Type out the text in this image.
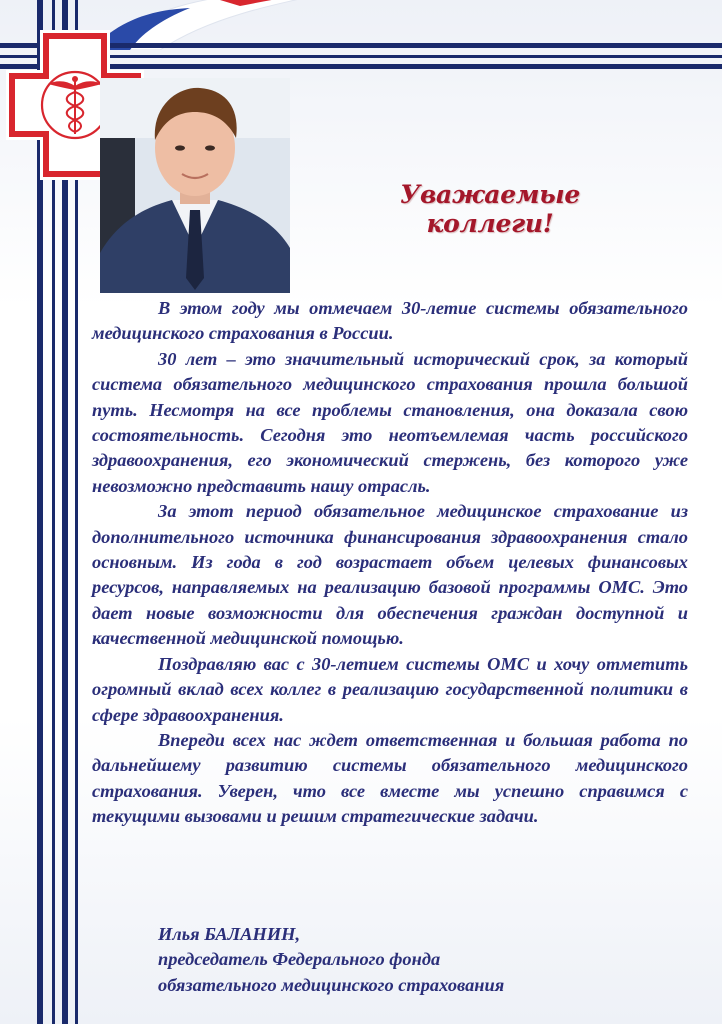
Уважаемые коллеги!

В этом году мы отмечаем 30-летие системы обязательного медицинского страхования в России.

30 лет – это значительный исторический срок, за который система обязательного медицинского страхования прошла большой путь. Несмотря на все проблемы становления, она доказала свою состоятельность. Сегодня это неотъемлемая часть российского здравоохранения, его экономический стержень, без которого уже невозможно представить нашу отрасль.

За этот период обязательное медицинское страхование из дополнительного источника финансирования здравоохранения стало основным. Из года в год возрастает объем целевых финансовых ресурсов, направляемых на реализацию базовой программы ОМС. Это дает новые возможности для обеспечения граждан доступной и качественной медицинской помощью.

Поздравляю вас с 30-летием системы ОМС и хочу отметить огромный вклад всех коллег в реализацию государственной политики в сфере здравоохранения.

Впереди всех нас ждет ответственная и большая работа по дальнейшему развитию системы обязательного медицинского страхования. Уверен, что все вместе мы успешно справимся с текущими вызовами и решим стратегические задачи.

Илья БАЛАНИН,
председатель Федерального фонда
обязательного медицинского страхования
